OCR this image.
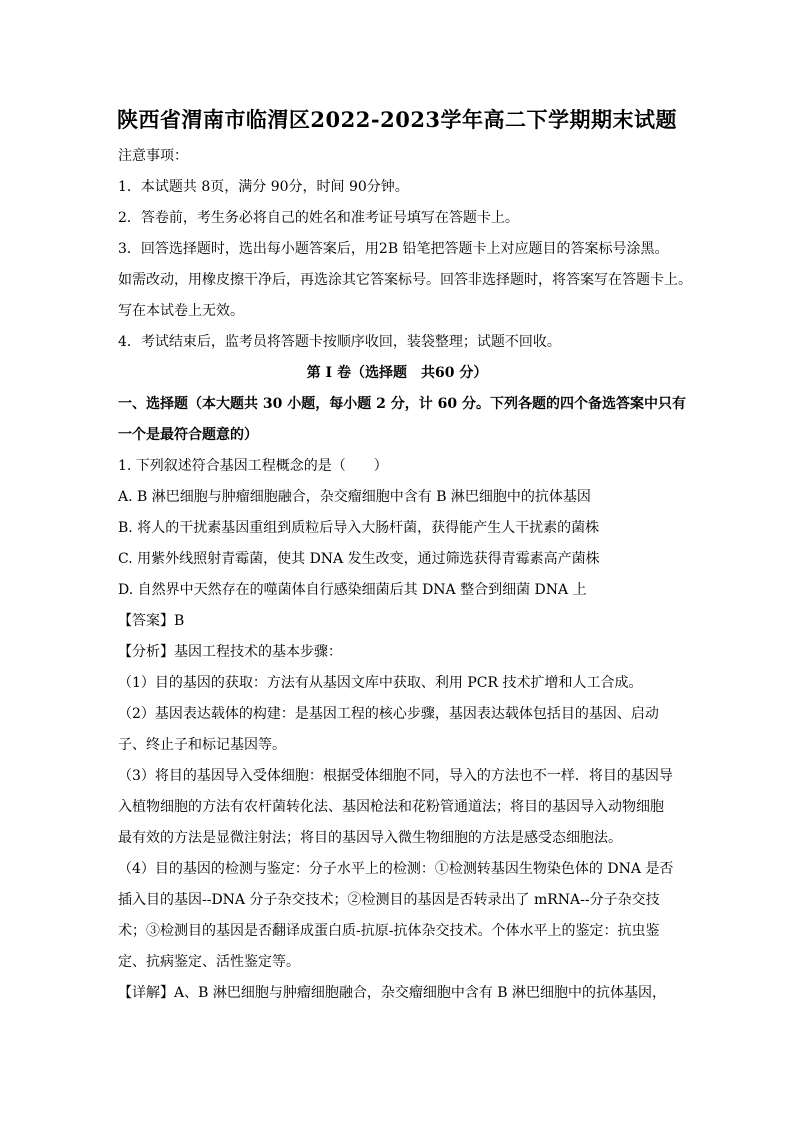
陕西省渭南市临渭区2022-2023学年高二下学期期末试题
注意事项：
1．本试题共 8页，满分 90分，时间 90分钟。
2．答卷前，考生务必将自己的姓名和准考证号填写在答题卡上。
3．回答选择题时，选出每小题答案后，用2B 铅笔把答题卡上对应题目的答案标号涂黑。
如需改动，用橡皮擦干净后，再选涂其它答案标号。回答非选择题时，将答案写在答题卡上。
写在本试卷上无效。
4．考试结束后，监考员将答题卡按顺序收回，装袋整理；试题不回收。
第 I 卷（选择题　共60 分）
一、选择题（本大题共 30 小题，每小题 2 分，计 60 分。下列各题的四个备选答案中只有
一个是最符合题意的）
1. 下列叙述符合基因工程概念的是（　　）
A. B 淋巴细胞与肿瘤细胞融合，杂交瘤细胞中含有 B 淋巴细胞中的抗体基因
B. 将人的干扰素基因重组到质粒后导入大肠杆菌，获得能产生人干扰素的菌株
C. 用紫外线照射青霉菌，使其 DNA 发生改变，通过筛选获得青霉素高产菌株
D. 自然界中天然存在的噬菌体自行感染细菌后其 DNA 整合到细菌 DNA 上
【答案】B
【分析】基因工程技术的基本步骤：
（1）目的基因的获取：方法有从基因文库中获取、利用 PCR 技术扩增和人工合成。
（2）基因表达载体的构建：是基因工程的核心步骤，基因表达载体包括目的基因、启动
子、终止子和标记基因等。
（3）将目的基因导入受体细胞：根据受体细胞不同，导入的方法也不一样．将目的基因导
入植物细胞的方法有农杆菌转化法、基因枪法和花粉管通道法；将目的基因导入动物细胞
最有效的方法是显微注射法；将目的基因导入微生物细胞的方法是感受态细胞法。
（4）目的基因的检测与鉴定：分子水平上的检测：①检测转基因生物染色体的 DNA 是否
插入目的基因--DNA 分子杂交技术；②检测目的基因是否转录出了 mRNA--分子杂交技
术；③检测目的基因是否翻译成蛋白质-抗原-抗体杂交技术。个体水平上的鉴定：抗虫鉴
定、抗病鉴定、活性鉴定等。
【详解】A、B 淋巴细胞与肿瘤细胞融合，杂交瘤细胞中含有 B 淋巴细胞中的抗体基因，
